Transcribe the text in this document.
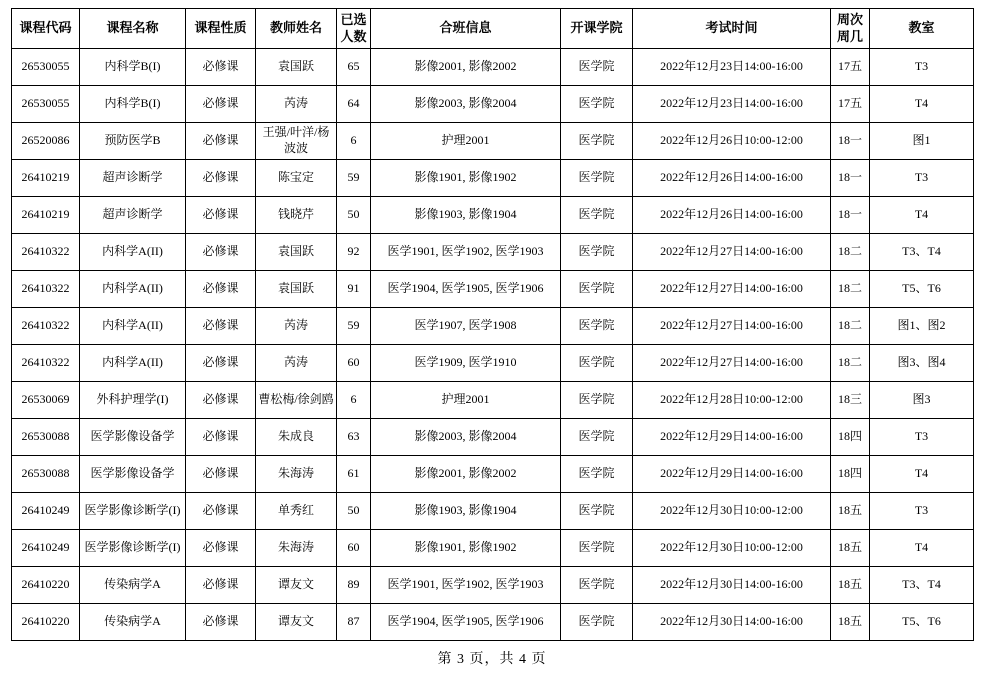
课程代码	课程名称	课程性质	教师姓名	已选人数	合班信息	开课学院	考试时间	周次周几	教室
26530055	内科学B(I)	必修课	袁国跃	65	影像2001, 影像2002	医学院	2022年12月23日14:00-16:00	17五	T3
26530055	内科学B(I)	必修课	芮涛	64	影像2003, 影像2004	医学院	2022年12月23日14:00-16:00	17五	T4
26520086	预防医学B	必修课	王强/叶洋/杨波波	6	护理2001	医学院	2022年12月26日10:00-12:00	18一	图1
26410219	超声诊断学	必修课	陈宝定	59	影像1901, 影像1902	医学院	2022年12月26日14:00-16:00	18一	T3
26410219	超声诊断学	必修课	钱晓芹	50	影像1903, 影像1904	医学院	2022年12月26日14:00-16:00	18一	T4
26410322	内科学A(II)	必修课	袁国跃	92	医学1901, 医学1902, 医学1903	医学院	2022年12月27日14:00-16:00	18二	T3、T4
26410322	内科学A(II)	必修课	袁国跃	91	医学1904, 医学1905, 医学1906	医学院	2022年12月27日14:00-16:00	18二	T5、T6
26410322	内科学A(II)	必修课	芮涛	59	医学1907, 医学1908	医学院	2022年12月27日14:00-16:00	18二	图1、图2
26410322	内科学A(II)	必修课	芮涛	60	医学1909, 医学1910	医学院	2022年12月27日14:00-16:00	18二	图3、图4
26530069	外科护理学(I)	必修课	曹松梅/徐剑鸥	6	护理2001	医学院	2022年12月28日10:00-12:00	18三	图3
26530088	医学影像设备学	必修课	朱成良	63	影像2003, 影像2004	医学院	2022年12月29日14:00-16:00	18四	T3
26530088	医学影像设备学	必修课	朱海涛	61	影像2001, 影像2002	医学院	2022年12月29日14:00-16:00	18四	T4
26410249	医学影像诊断学(I)	必修课	单秀红	50	影像1903, 影像1904	医学院	2022年12月30日10:00-12:00	18五	T3
26410249	医学影像诊断学(I)	必修课	朱海涛	60	影像1901, 影像1902	医学院	2022年12月30日10:00-12:00	18五	T4
26410220	传染病学A	必修课	谭友文	89	医学1901, 医学1902, 医学1903	医学院	2022年12月30日14:00-16:00	18五	T3、T4
26410220	传染病学A	必修课	谭友文	87	医学1904, 医学1905, 医学1906	医学院	2022年12月30日14:00-16:00	18五	T5、T6
第 3 页，共 4 页
